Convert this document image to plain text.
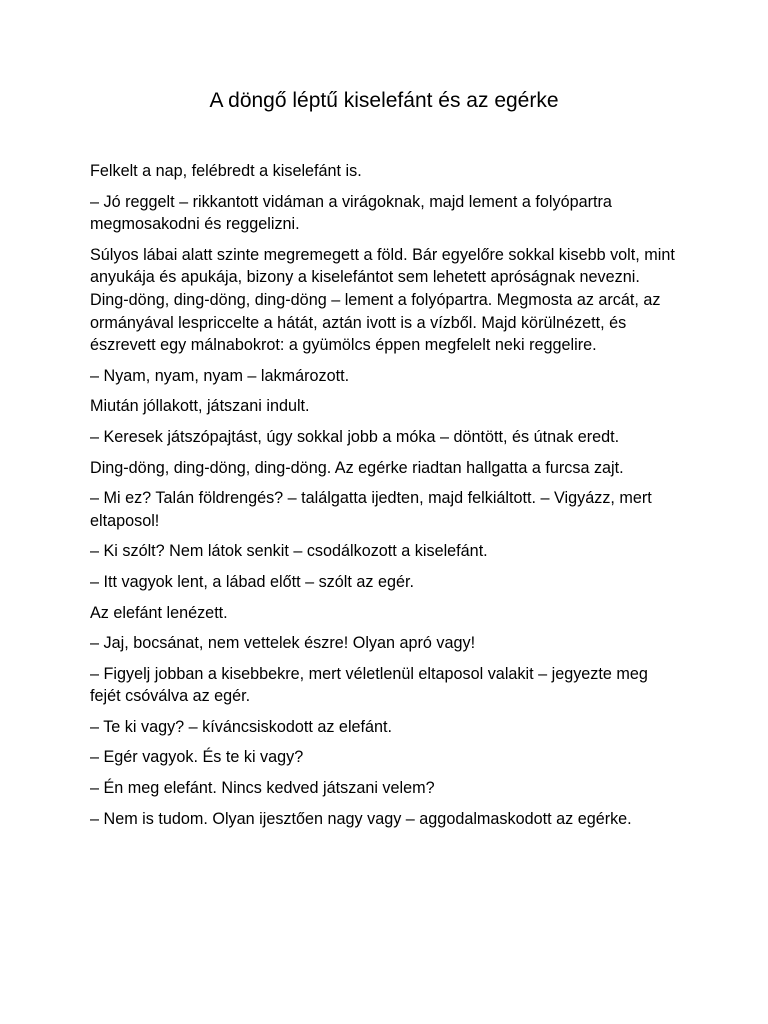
A döngő léptű kiselefánt és az egérke

Felkelt a nap, felébredt a kiselefánt is.

– Jó reggelt – rikkantott vidáman a virágoknak, majd lement a folyópartra megmosakodni és reggelizni.

Súlyos lábai alatt szinte megremegett a föld. Bár egyelőre sokkal kisebb volt, mint anyukája és apukája, bizony a kiselefántot sem lehetett apróságnak nevezni. Ding-döng, ding-döng, ding-döng – lement a folyópartra. Megmosta az arcát, az ormányával lespriccelte a hátát, aztán ivott is a vízből. Majd körülnézett, és észrevett egy málnabokrot: a gyümölcs éppen megfelelt neki reggelire.

– Nyam, nyam, nyam – lakmározott.

Miután jóllakott, játszani indult.

– Keresek játszópajtást, úgy sokkal jobb a móka – döntött, és útnak eredt.

Ding-döng, ding-döng, ding-döng. Az egérke riadtan hallgatta a furcsa zajt.

– Mi ez? Talán földrengés? – találgatta ijedten, majd felkiáltott. – Vigyázz, mert eltaposol!

– Ki szólt? Nem látok senkit – csodálkozott a kiselefánt.

– Itt vagyok lent, a lábad előtt – szólt az egér.

Az elefánt lenézett.

– Jaj, bocsánat, nem vettelek észre! Olyan apró vagy!

– Figyelj jobban a kisebbekre, mert véletlenül eltaposol valakit – jegyezte meg fejét csóválva az egér.

– Te ki vagy? – kíváncsiskodott az elefánt.

– Egér vagyok. És te ki vagy?

– Én meg elefánt. Nincs kedved játszani velem?

– Nem is tudom. Olyan ijesztően nagy vagy – aggodalmaskodott az egérke.
